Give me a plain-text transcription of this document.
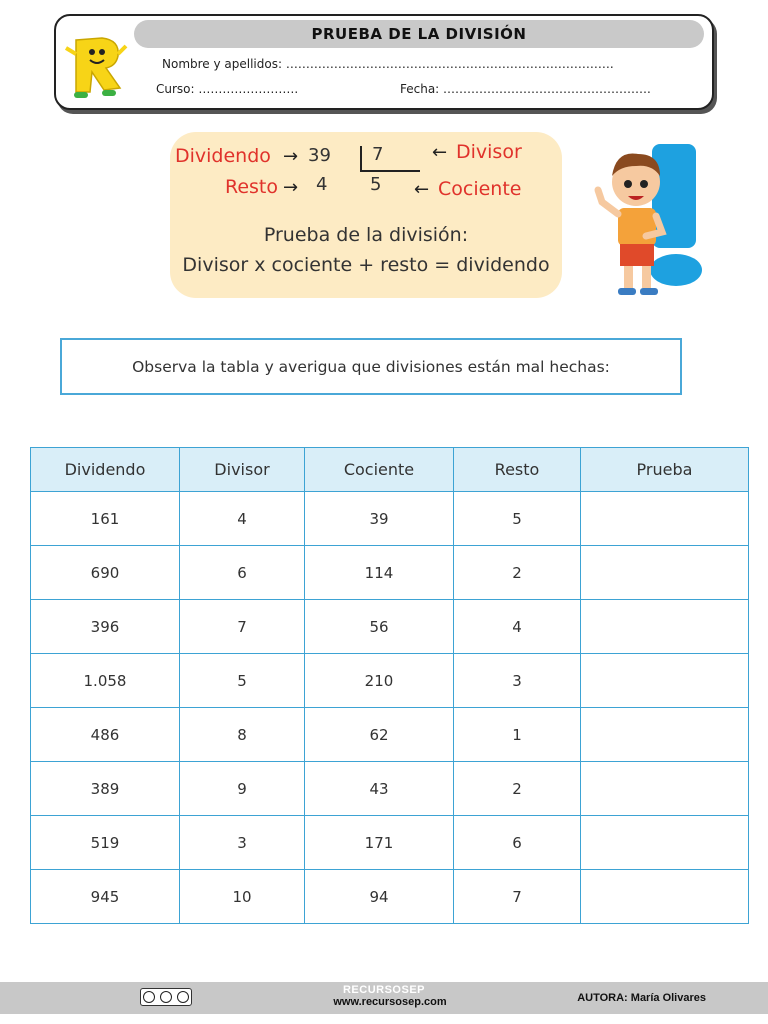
PRUEBA DE LA DIVISIÓN
Nombre y apellidos: ……………………………………………………………………….
Curso: …………………….	Fecha: …………………………………………….
Dividendo → 39 7	← Divisor
Resto → 4 5 ← Cociente
Prueba de la división:
Divisor x cociente + resto = dividendo
Observa la tabla y averigua que divisiones están mal hechas:
Dividendo	Divisor	Cociente	Resto	Prueba
161	4	39	5	
690	6	114	2	
396	7	56	4	
1.058	5	210	3	
486	8	62	1	
389	9	43	2	
519	3	171	6	
945	10	94	7	
RECURSOSEP
www.recursosep.com	AUTORA: María Olivares
